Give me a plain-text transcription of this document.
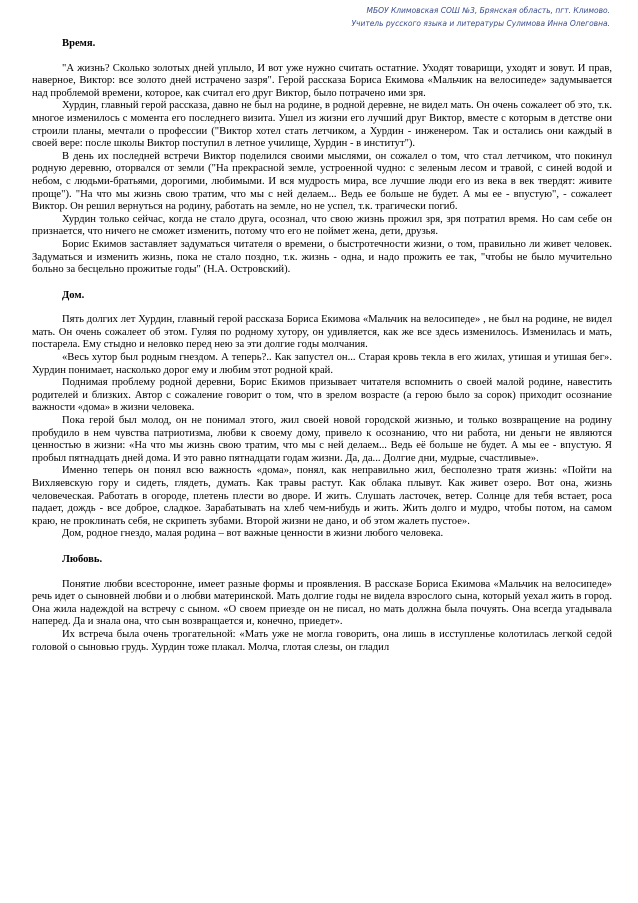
МБОУ Климовская СОШ №3, Брянская область, пгт. Климово.
Учитель русского языка и литературы Сулимова Инна Олеговна.
Время.

"А жизнь? Сколько золотых дней уплыло, И вот уже нужно считать остатние. Уходят товарищи, уходят и зовут. И прав, наверное, Виктор: все золото дней истрачено зазря". Герой рассказа Бориса Екимова «Мальчик на велосипеде» задумывается над проблемой времени, которое, как считал его друг Виктор, было потрачено ими зря.

Хурдин, главный герой рассказа, давно не был на родине, в родной деревне, не видел мать. Он очень сожалеет об это, т.к. многое изменилось с момента его последнего визита. Ушел из жизни его лучший друг Виктор, вместе с которым в детстве они строили планы, мечтали о профессии ("Виктор хотел стать летчиком, а Хурдин - инженером. Так и остались они каждый в своей вере: после школы Виктор поступил в летное училище, Хурдин - в институт").

В день их последней встречи Виктор поделился своими мыслями, он сожалел о том, что стал летчиком, что покинул родную деревню, оторвался от земли ("На прекрасной земле, устроенной чудно: с зеленым лесом и травой, с синей водой и небом, с людьми-братьями, дорогими, любимыми. И вся мудрость мира, все лучшие люди его из века в век твердят: живите проще"). "На что мы жизнь свою тратим, что мы с ней делаем... Ведь ее больше не будет. А мы ее - впустую", - сожалеет Виктор. Он решил вернуться на родину, работать на земле, но не успел, т.к. трагически погиб.

Хурдин только сейчас, когда не стало друга, осознал, что свою жизнь прожил зря, зря потратил время. Но сам себе он признается, что ничего не сможет изменить, потому что его не поймет жена, дети, друзья.

Борис Екимов заставляет задуматься читателя о времени, о быстротечности жизни, о том, правильно ли живет человек. Задуматься и изменить жизнь, пока не стало поздно, т.к. жизнь - одна, и надо прожить ее так, "чтобы не было мучительно больно за бесцельно прожитые годы" (Н.А. Островский).

Дом.

Пять долгих лет Хурдин, главный герой рассказа Бориса Екимова «Мальчик на велосипеде» , не был на родине, не видел мать. Он очень сожалеет об этом. Гуляя по родному хутору, он удивляется, как же все здесь изменилось. Изменилась и мать, постарела. Ему стыдно и неловко перед нею за эти долгие годы молчания.

«Весь хутор был родным гнездом. А теперь?.. Как запустел он... Старая кровь текла в его жилах, утишая и утишая бег». Хурдин понимает, насколько дорог ему и любим этот родной край.

Поднимая проблему родной деревни, Борис Екимов призывает читателя вспомнить о своей малой родине, навестить родителей и близких. Автор с сожаление говорит о том, что в зрелом возрасте (а герою было за сорок) приходит осознание важности «дома» в жизни человека.

Пока герой был молод, он не понимал этого, жил своей новой городской жизнью, и только возвращение на родину пробудило в нем чувства патриотизма, любви к своему дому, привело к осознанию, что ни работа, ни деньги не являются ценностью в жизни: «На что мы жизнь свою тратим, что мы с ней делаем... Ведь её больше не будет. А мы ее - впустую. Я пробыл пятнадцать дней дома. И это равно пятнадцати годам жизни. Да, да... Долгие дни, мудрые, счастливые».

Именно теперь он понял всю важность «дома», понял, как неправильно жил, бесполезно тратя жизнь: «Пойти на Вихляевскую гору и сидеть, глядеть, думать. Как травы растут. Как облака плывут. Как живет озеро. Вот она, жизнь человеческая. Работать в огороде, плетень плести во дворе. И жить. Слушать ласточек, ветер. Солнце для тебя встает, роса падает, дождь - все доброе, сладкое. Зарабатывать на хлеб чем-нибудь и жить. Жить долго и мудро, чтобы потом, на самом краю, не проклинать себя, не скрипеть зубами. Второй жизни не дано, и об этом жалеть пустое».

Дом, родное гнездо, малая родина – вот важные ценности в жизни любого человека.

Любовь.

Понятие любви всесторонне, имеет разные формы и проявления. В рассказе Бориса Екимова «Мальчик на велосипеде» речь идет о сыновней любви и о любви материнской. Мать долгие годы не видела взрослого сына, который уехал жить в город. Она жила надеждой на встречу с сыном. «О своем приезде он не писал, но мать должна была почуять. Она всегда угадывала наперед. Да и знала она, что сын возвращается и, конечно, приедет».

Их встреча была очень трогательной: «Мать уже не могла говорить, она лишь в исступленье колотилась легкой седой головой о сыновью грудь. Хурдин тоже плакал. Молча, глотая слезы, он гладил
